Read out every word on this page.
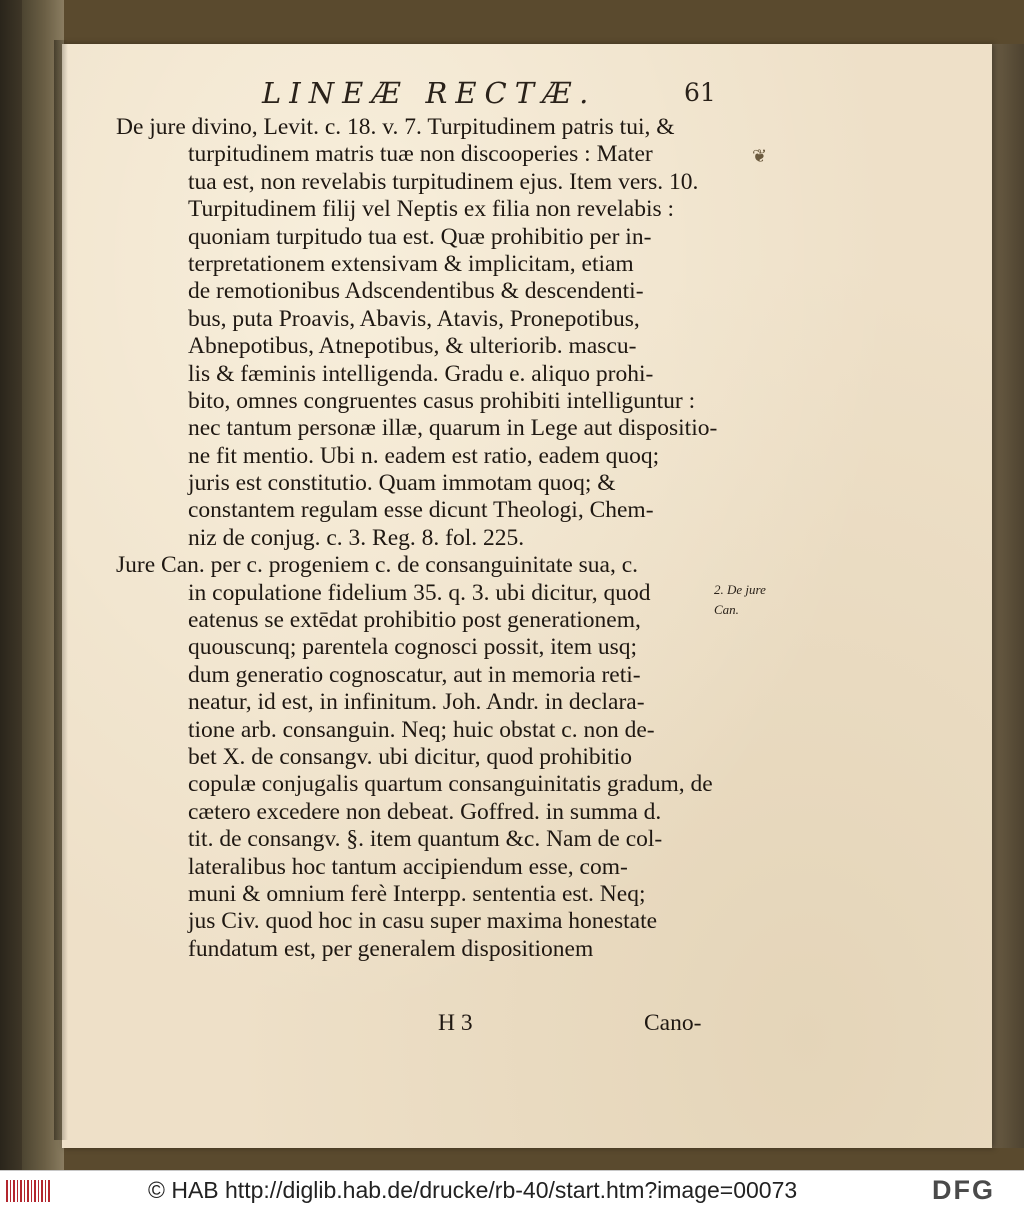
LINEÆ RECTÆ.	61
❦
De jure divino, Levit. c. 18. v. 7. Turpitudinem patris tui, &
turpitudinem matris tuæ non discooperies : Mater
tua est, non revelabis turpitudinem ejus. Item vers. 10.
Turpitudinem filij vel Neptis ex filia non revelabis :
quoniam turpitudo tua est. Quæ prohibitio per in-
terpretationem extensivam & implicitam, etiam
de remotionibus Adscendentibus & descendenti-
bus, puta Proavis, Abavis, Atavis, Pronepotibus,
Abnepotibus, Atnepotibus, & ulteriorib. mascu-
lis & fæminis intelligenda. Gradu e. aliquo prohi-
bito, omnes congruentes casus prohibiti intelliguntur :
nec tantum personæ illæ, quarum in Lege aut dispositio-
ne fit mentio. Ubi n. eadem est ratio, eadem quoq;
juris est constitutio. Quam immotam quoq; &
constantem regulam esse dicunt Theologi, Chem-
niz de conjug. c. 3. Reg. 8. fol. 225.
Jure Can. per c. progeniem c. de consanguinitate sua, c.
in copulatione fidelium 35. q. 3. ubi dicitur, quod
eatenus se extēdat prohibitio post generationem,
quouscunq; parentela cognosci possit, item usq;
dum generatio cognoscatur, aut in memoria reti-
neatur, id est, in infinitum. Joh. Andr. in declara-
tione arb. consanguin. Neq; huic obstat c. non de-
bet X. de consangv. ubi dicitur, quod prohibitio
copulæ conjugalis quartum consanguinitatis gradum, de
cætero excedere non debeat. Goffred. in summa d.
tit. de consangv. §. item quantum &c. Nam de col-
lateralibus hoc tantum accipiendum esse, com-
muni & omnium ferè Interpp. sententia est. Neq;
jus Civ. quod hoc in casu super maxima honestate
fundatum est, per generalem dispositionem
2. De jure
Can.
H 3	Cano-
© HAB http://diglib.hab.de/drucke/rb-40/start.htm?image=00073	DFG
